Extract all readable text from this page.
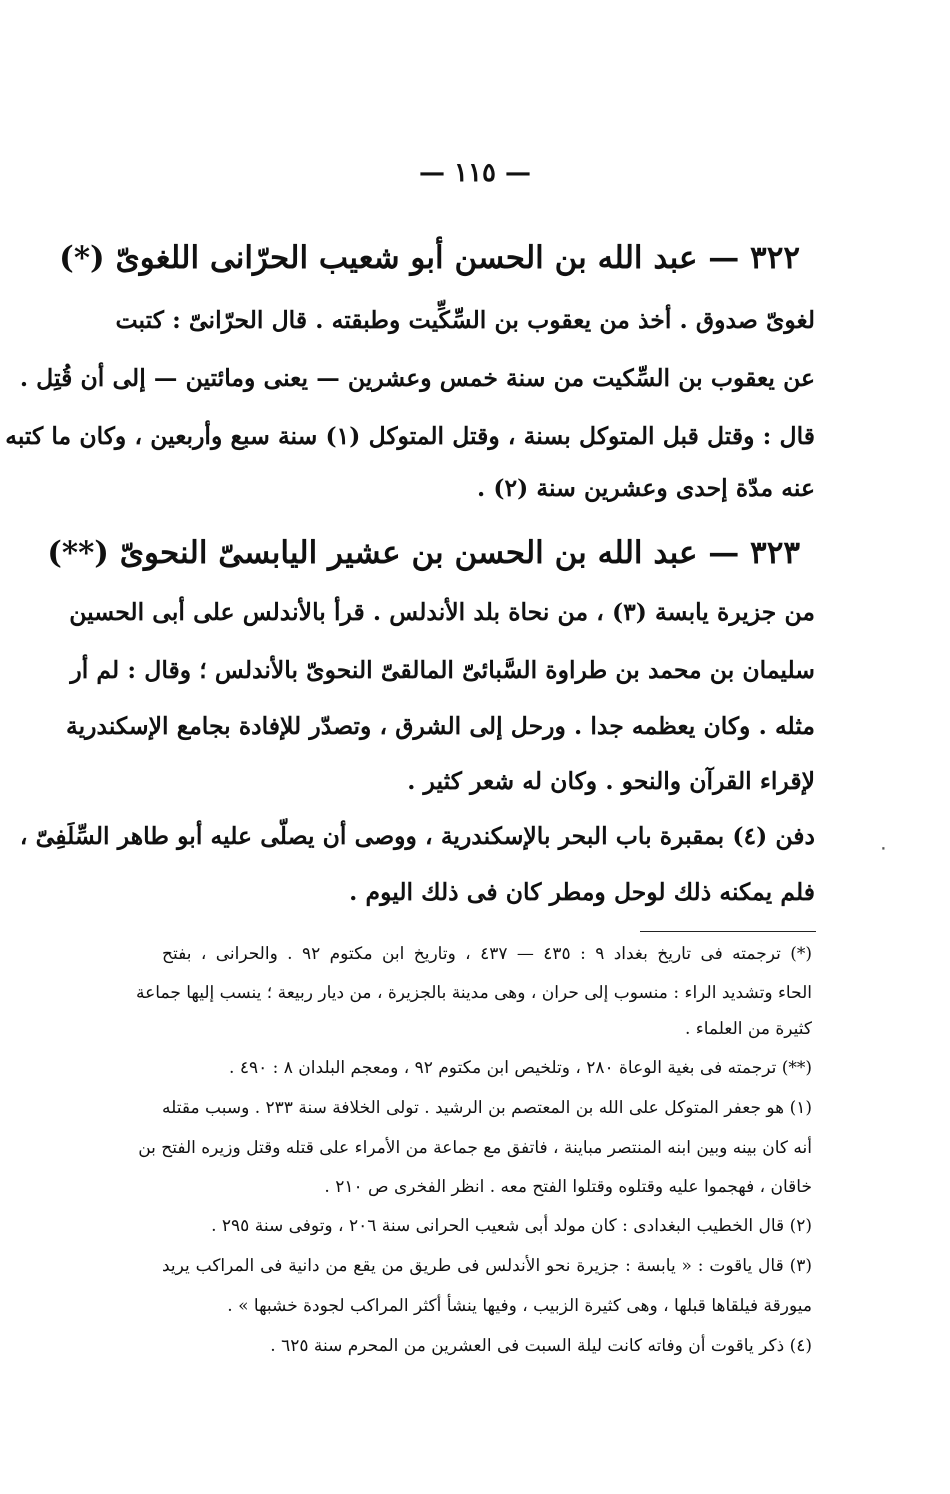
— ١١٥ —
٣٢٢ — عبد الله بن الحسن أبو شعيب الحرّانى اللغوىّ (*)
لغوىّ صدوق . أخذ من يعقوب بن السِّكِّيت وطبقته . قال الحرّانىّ : كتبت
عن يعقوب بن السِّكيت من سنة خمس وعشرين — يعنى ومائتين — إلى أن قُتِل .
قال : وقتل قبل المتوكل بسنة ، وقتل المتوكل (١) سنة سبع وأربعين ، وكان ما كتبه
عنه مدّة إحدى وعشرين سنة (٢) .
٣٢٣ — عبد الله بن الحسن بن عشير اليابسىّ النحوىّ (**)
من جزيرة يابسة (٣) ، من نحاة بلد الأندلس . قرأ بالأندلس على أبى الحسين
سليمان بن محمد بن طراوة السَّبائىّ المالقىّ النحوىّ بالأندلس ؛ وقال : لم أر
مثله . وكان يعظمه جدا . ورحل إلى الشرق ، وتصدّر للإفادة بجامع الإسكندرية
لإقراء القرآن والنحو . وكان له شعر كثير .
دفن (٤) بمقبرة باب البحر بالإسكندرية ، ووصى أن يصلّى عليه أبو طاهر السِّلَفِىّ ،
فلم يمكنه ذلك لوحل ومطر كان فى ذلك اليوم .
٠
(*) ترجمته فى تاريخ بغداد ٩ : ٤٣٥ — ٤٣٧ ، وتاريخ ابن مكتوم ٩٢ . والحرانى ، بفتح
الحاء وتشديد الراء : منسوب إلى حران ، وهى مدينة بالجزيرة ، من ديار ربيعة ؛ ينسب إليها جماعة
كثيرة من العلماء .
(**) ترجمته فى بغية الوعاة ٢٨٠ ، وتلخيص ابن مكتوم ٩٢ ، ومعجم البلدان ٨ : ٤٩٠ .
(١) هو جعفر المتوكل على الله بن المعتصم بن الرشيد . تولى الخلافة سنة ٢٣٣ . وسبب مقتله
أنه كان بينه وبين ابنه المنتصر مباينة ، فاتفق مع جماعة من الأمراء على قتله وقتل وزيره الفتح بن
خاقان ، فهجموا عليه وقتلوه وقتلوا الفتح معه . انظر الفخرى ص ٢١٠ .
(٢) قال الخطيب البغدادى : كان مولد أبى شعيب الحرانى سنة ٢٠٦ ، وتوفى سنة ٢٩٥ .
(٣) قال ياقوت : « يابسة : جزيرة نحو الأندلس فى طريق من يقع من دانية فى المراكب يريد
ميورقة فيلقاها قبلها ، وهى كثيرة الزبيب ، وفيها ينشأ أكثر المراكب لجودة خشبها » .
(٤) ذكر ياقوت أن وفاته كانت ليلة السبت فى العشرين من المحرم سنة ٦٢٥ .
